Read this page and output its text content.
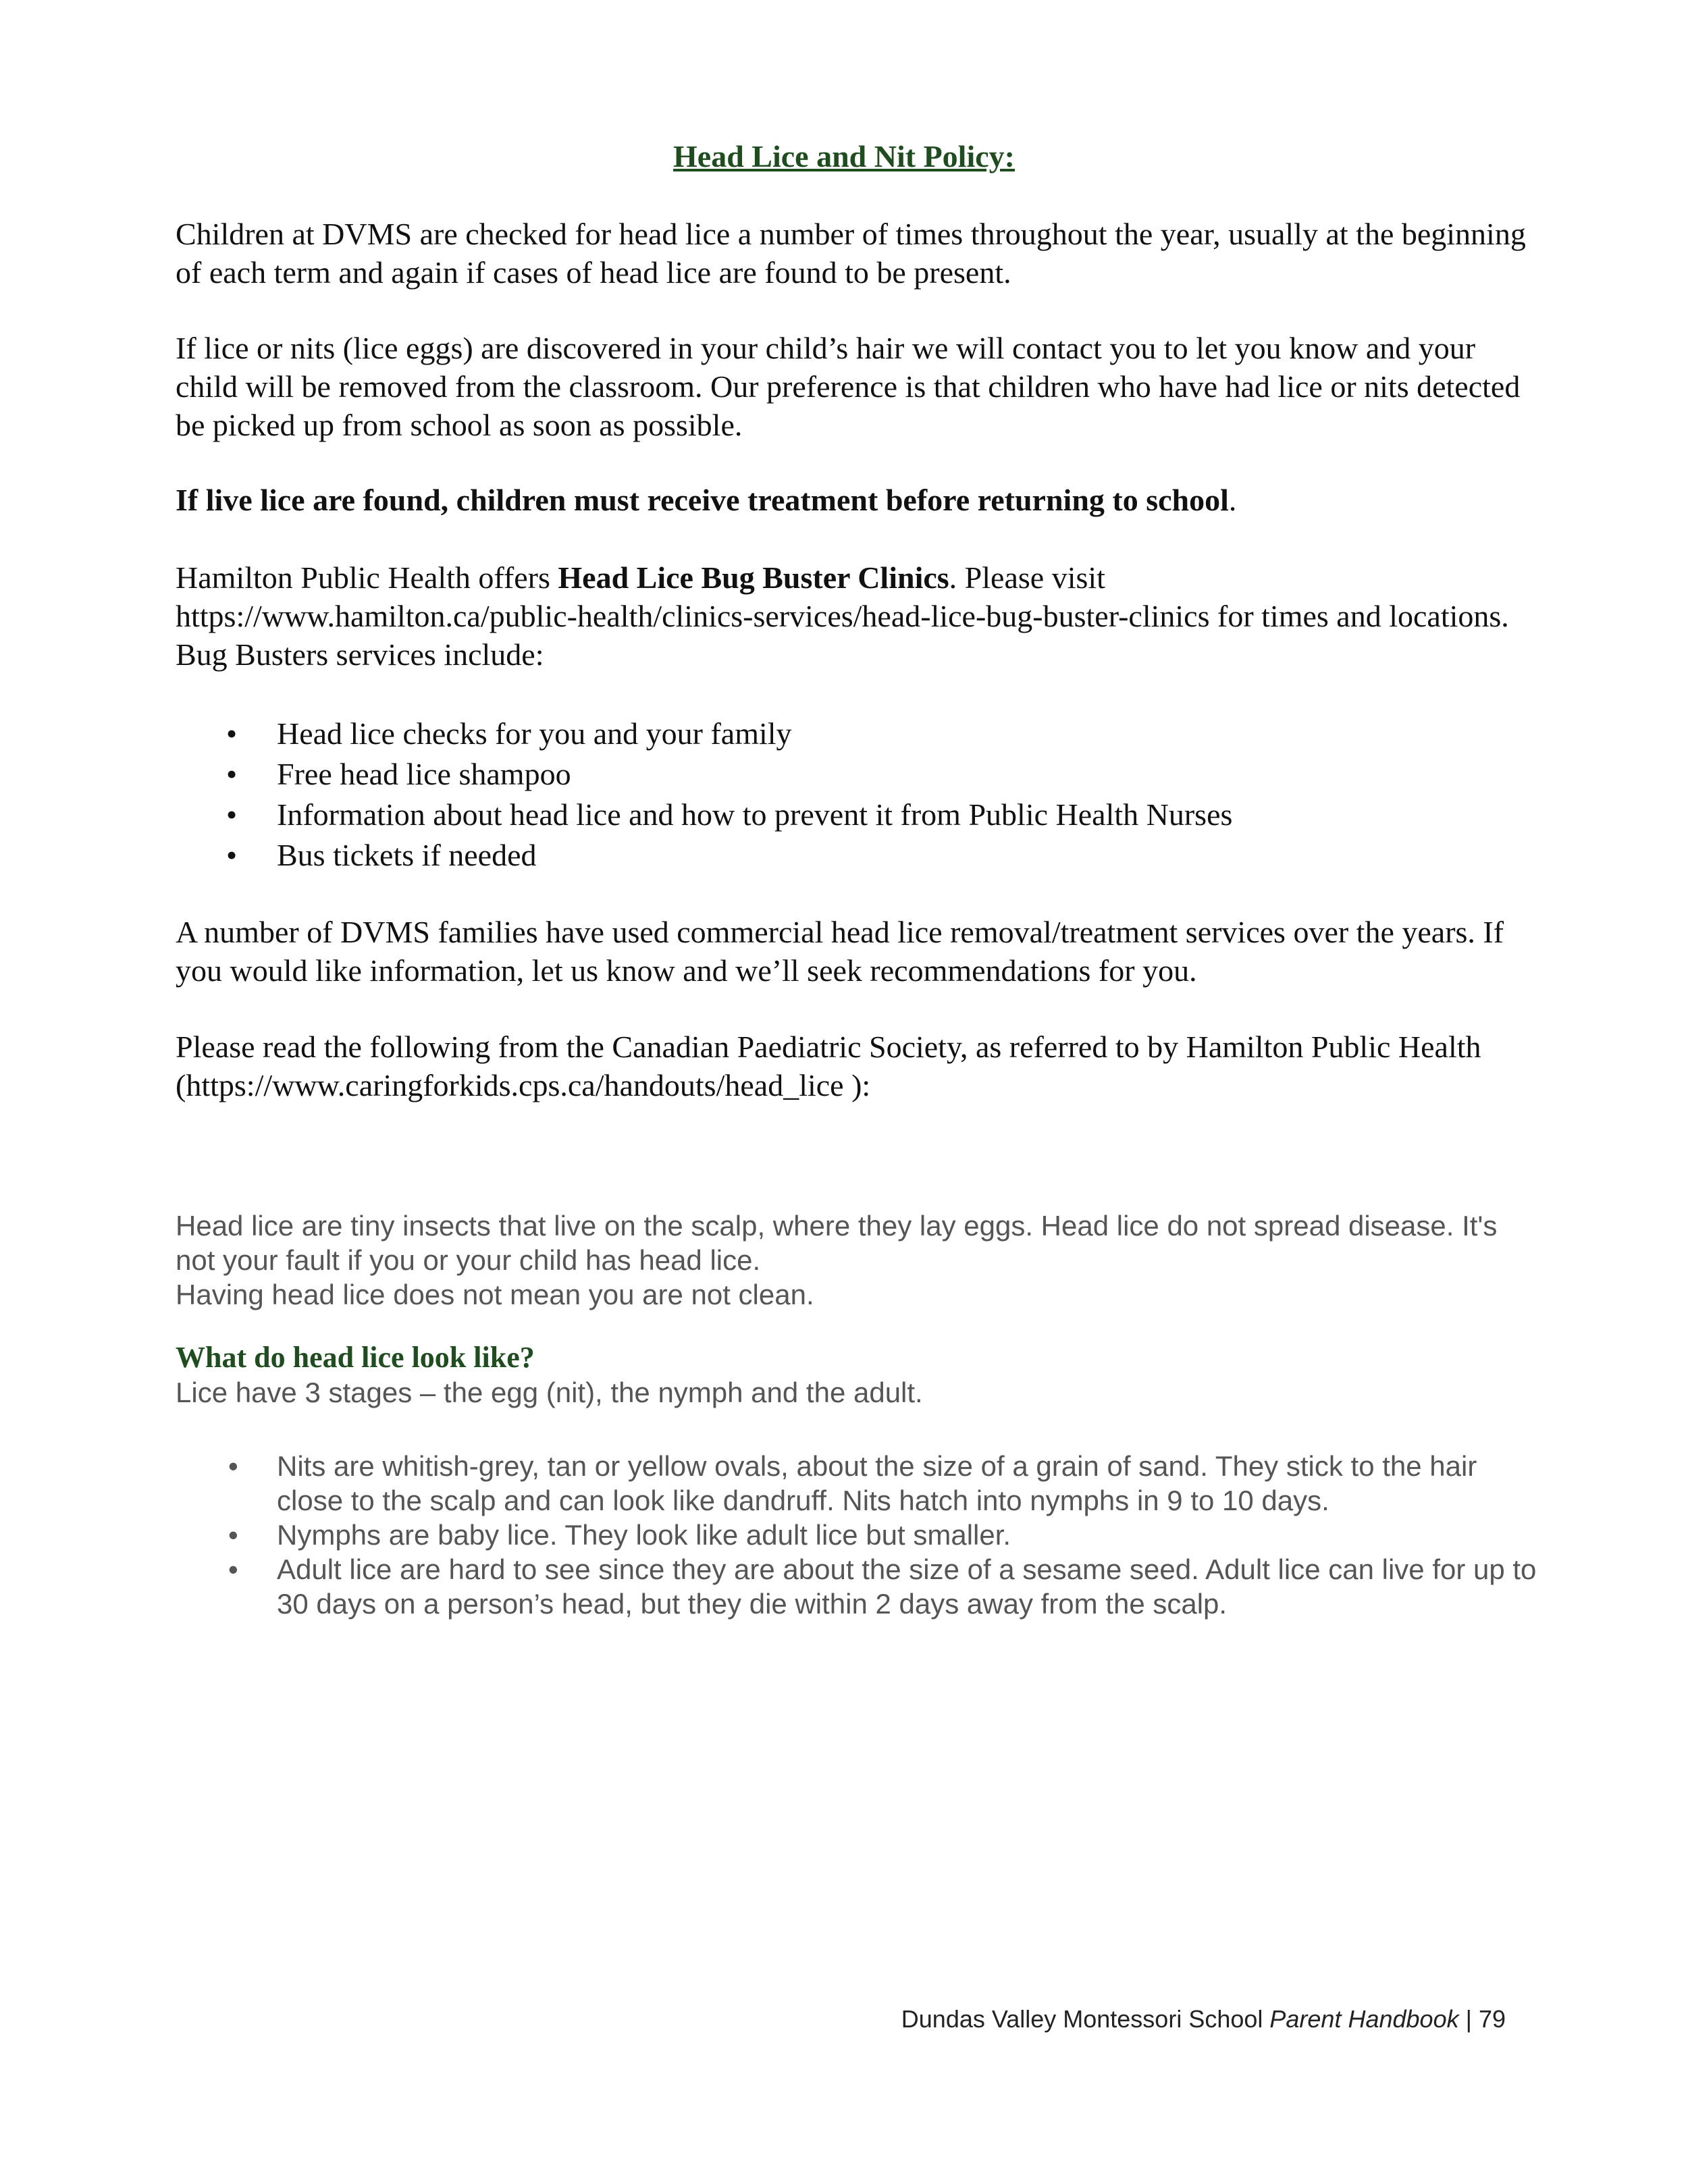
Head Lice and Nit Policy:
Children at DVMS are checked for head lice a number of times throughout the year, usually at the beginning of each term and again if cases of head lice are found to be present.
If lice or nits (lice eggs) are discovered in your child’s hair we will contact you to let you know and your child will be removed from the classroom. Our preference is that children who have had lice or nits detected be picked up from school as soon as possible.
If live lice are found, children must receive treatment before returning to school.
Hamilton Public Health offers Head Lice Bug Buster Clinics. Please visit
https://www.hamilton.ca/public-health/clinics-services/head-lice-bug-buster-clinics for times and locations. Bug Busters services include:
•	Head lice checks for you and your family
•	Free head lice shampoo
•	Information about head lice and how to prevent it from Public Health Nurses
•	Bus tickets if needed
A number of DVMS families have used commercial head lice removal/treatment services over the years. If you would like information, let us know and we’ll seek recommendations for you.
Please read the following from the Canadian Paediatric Society, as referred to by Hamilton Public Health (https://www.caringforkids.cps.ca/handouts/head_lice ):
Head lice are tiny insects that live on the scalp, where they lay eggs. Head lice do not spread disease. It's not your fault if you or your child has head lice.
Having head lice does not mean you are not clean.
What do head lice look like?
Lice have 3 stages – the egg (nit), the nymph and the adult.
•	Nits are whitish-grey, tan or yellow ovals, about the size of a grain of sand. They stick to the hair close to the scalp and can look like dandruff. Nits hatch into nymphs in 9 to 10 days.
•	Nymphs are baby lice. They look like adult lice but smaller.
•	Adult lice are hard to see since they are about the size of a sesame seed. Adult lice can live for up to 30 days on a person’s head, but they die within 2 days away from the scalp.
Dundas Valley Montessori School Parent Handbook | 79
